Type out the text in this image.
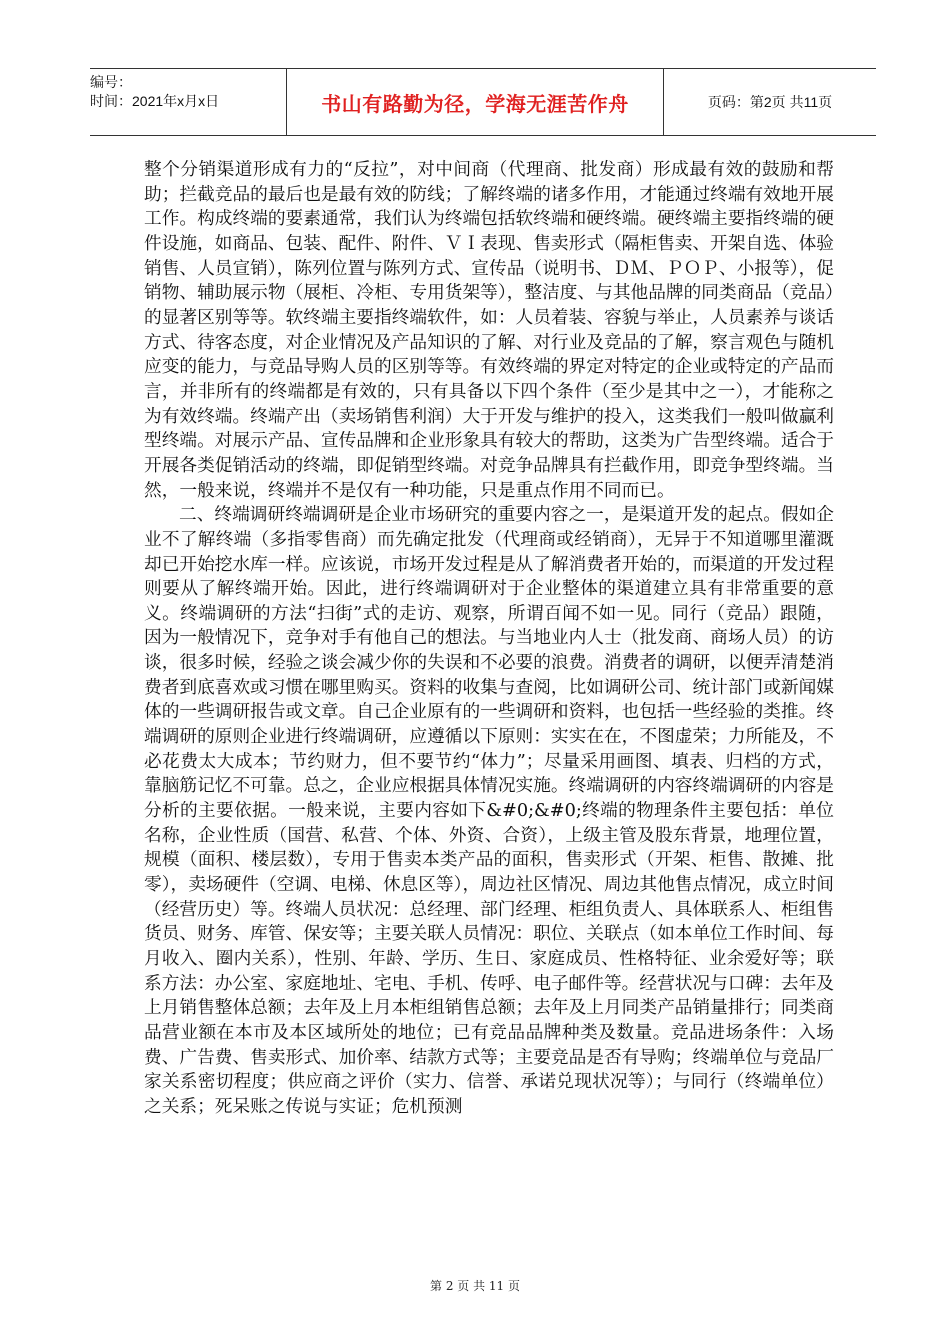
编号：
时间：2021年x月x日	书山有路勤为径，学海无涯苦作舟	页码：第2页 共11页

整个分销渠道形成有力的“反拉”，对中间商（代理商、批发商）形成最有效的鼓励和帮助；拦截竞品的最后也是最有效的防线；了解终端的诸多作用，才能通过终端有效地开展工作。构成终端的要素通常，我们认为终端包括软终端和硬终端。硬终端主要指终端的硬件设施，如商品、包装、配件、附件、ＶＩ表现、售卖形式（隔柜售卖、开架自选、体验销售、人员宣销），陈列位置与陈列方式、宣传品（说明书、ＤＭ、ＰＯＰ、小报等），促销物、辅助展示物（展柜、冷柜、专用货架等），整洁度、与其他品牌的同类商品（竞品）的显著区别等等。软终端主要指终端软件，如：人员着装、容貌与举止，人员素养与谈话方式、待客态度，对企业情况及产品知识的了解、对行业及竞品的了解，察言观色与随机应变的能力，与竞品导购人员的区别等等。有效终端的界定对特定的企业或特定的产品而言，并非所有的终端都是有效的，只有具备以下四个条件（至少是其中之一），才能称之为有效终端。终端产出（卖场销售利润）大于开发与维护的投入，这类我们一般叫做赢利型终端。对展示产品、宣传品牌和企业形象具有较大的帮助，这类为广告型终端。适合于开展各类促销活动的终端，即促销型终端。对竞争品牌具有拦截作用，即竞争型终端。当然，一般来说，终端并不是仅有一种功能，只是重点作用不同而已。

二、终端调研终端调研是企业市场研究的重要内容之一，是渠道开发的起点。假如企业不了解终端（多指零售商）而先确定批发（代理商或经销商），无异于不知道哪里灌溉却已开始挖水库一样。应该说，市场开发过程是从了解消费者开始的，而渠道的开发过程则要从了解终端开始。因此，进行终端调研对于企业整体的渠道建立具有非常重要的意义。终端调研的方法“扫街”式的走访、观察，所谓百闻不如一见。同行（竞品）跟随，因为一般情况下，竞争对手有他自己的想法。与当地业内人士（批发商、商场人员）的访谈，很多时候，经验之谈会减少你的失误和不必要的浪费。消费者的调研，以便弄清楚消费者到底喜欢或习惯在哪里购买。资料的收集与查阅，比如调研公司、统计部门或新闻媒体的一些调研报告或文章。自己企业原有的一些调研和资料，也包括一些经验的类推。终端调研的原则企业进行终端调研，应遵循以下原则：实实在在，不图虚荣；力所能及，不必花费太大成本；节约财力，但不要节约“体力”；尽量采用画图、填表、归档的方式，靠脑筋记忆不可靠。总之，企业应根据具体情况实施。终端调研的内容终端调研的内容是分析的主要依据。一般来说，主要内容如下&#0;&#0;终端的物理条件主要包括：单位名称，企业性质（国营、私营、个体、外资、合资），上级主管及股东背景，地理位置，规模（面积、楼层数），专用于售卖本类产品的面积，售卖形式（开架、柜售、散摊、批零），卖场硬件（空调、电梯、休息区等），周边社区情况、周边其他售点情况，成立时间（经营历史）等。终端人员状况：总经理、部门经理、柜组负责人、具体联系人、柜组售货员、财务、库管、保安等；主要关联人员情况：职位、关联点（如本单位工作时间、每月收入、圈内关系），性别、年龄、学历、生日、家庭成员、性格特征、业余爱好等；联系方法：办公室、家庭地址、宅电、手机、传呼、电子邮件等。经营状况与口碑：去年及上月销售整体总额；去年及上月本柜组销售总额；去年及上月同类产品销量排行；同类商品营业额在本市及本区域所处的地位；已有竞品品牌种类及数量。竞品进场条件：入场费、广告费、售卖形式、加价率、结款方式等；主要竞品是否有导购；终端单位与竞品厂家关系密切程度；供应商之评价（实力、信誉、承诺兑现状况等）；与同行（终端单位）之关系；死呆账之传说与实证；危机预测

第 2 页 共 11 页
